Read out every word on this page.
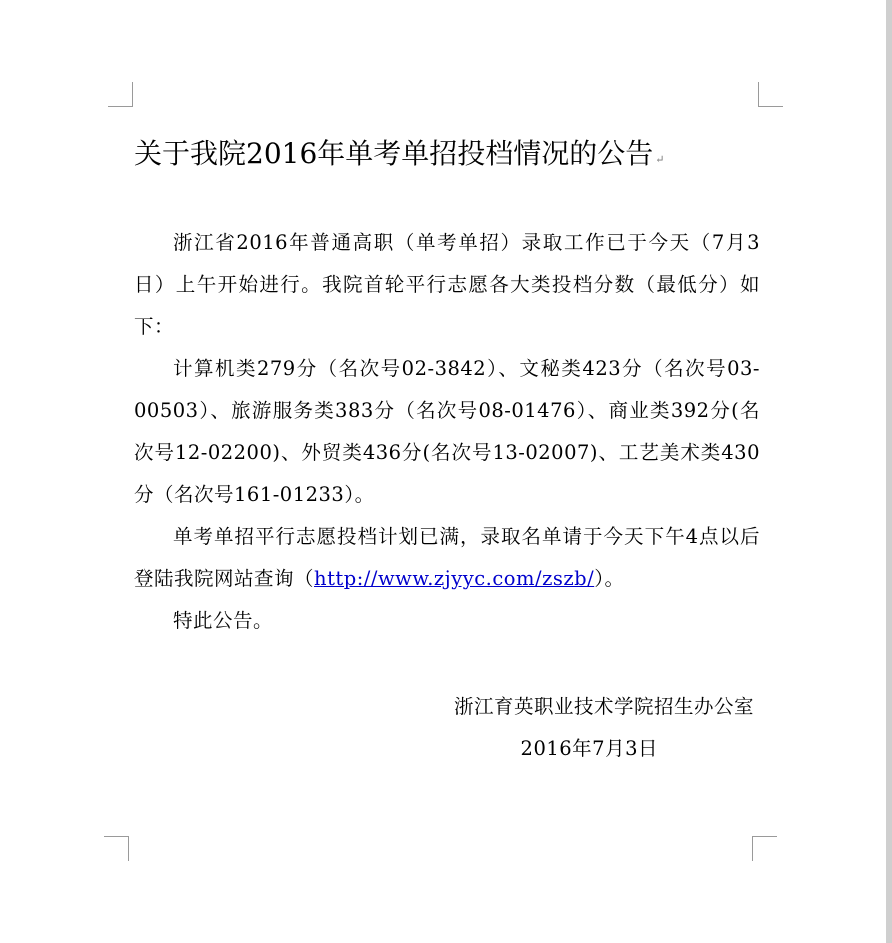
关于我院2016年单考单招投档情况的公告 ↵

浙江省2016年普通高职（单考单招）录取工作已于今天（7月3日）上午开始进行。我院首轮平行志愿各大类投档分数（最低分）如下：

计算机类279分（名次号02-3842）、文秘类423分（名次号03-00503）、旅游服务类383分（名次号08-01476）、商业类392分(名次号12-02200)、外贸类436分(名次号13-02007)、工艺美术类430分（名次号161-01233）。

单考单招平行志愿投档计划已满，录取名单请于今天下午4点以后登陆我院网站查询（http://www.zjyyc.com/zszb/）。

特此公告。

浙江育英职业技术学院招生办公室
2016年7月3日
